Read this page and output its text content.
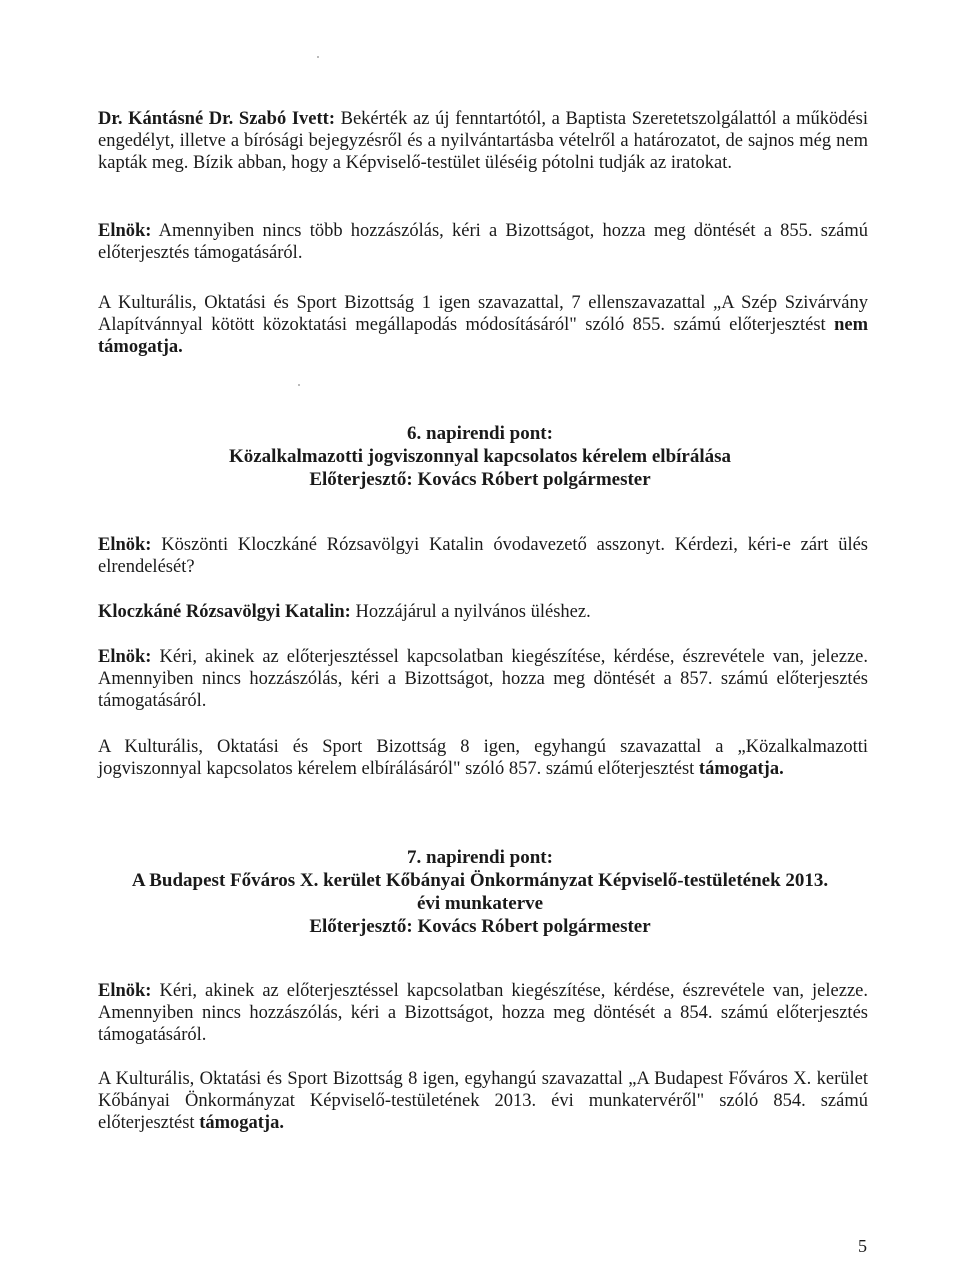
Dr. Kántásné Dr. Szabó Ivett: Bekérték az új fenntartótól, a Baptista Szeretetszolgálattól a működési engedélyt, illetve a bírósági bejegyzésről és a nyilvántartásba vételről a határozatot, de sajnos még nem kapták meg. Bízik abban, hogy a Képviselő-testület üléséig pótolni tudják az iratokat.

Elnök: Amennyiben nincs több hozzászólás, kéri a Bizottságot, hozza meg döntését a 855. számú előterjesztés támogatásáról.

A Kulturális, Oktatási és Sport Bizottság 1 igen szavazattal, 7 ellenszavazattal „A Szép Szivárvány Alapítvánnyal kötött közoktatási megállapodás módosításáról" szóló 855. számú előterjesztést nem támogatja.

6. napirendi pont:
Közalkalmazotti jogviszonnyal kapcsolatos kérelem elbírálása
Előterjesztő: Kovács Róbert polgármester

Elnök: Köszönti Kloczkáné Rózsavölgyi Katalin óvodavezető asszonyt. Kérdezi, kéri-e zárt ülés elrendelését?

Kloczkáné Rózsavölgyi Katalin: Hozzájárul a nyilvános üléshez.

Elnök: Kéri, akinek az előterjesztéssel kapcsolatban kiegészítése, kérdése, észrevétele van, jelezze. Amennyiben nincs hozzászólás, kéri a Bizottságot, hozza meg döntését a 857. számú előterjesztés támogatásáról.

A Kulturális, Oktatási és Sport Bizottság 8 igen, egyhangú szavazattal a „Közalkalmazotti jogviszonnyal kapcsolatos kérelem elbírálásáról" szóló 857. számú előterjesztést támogatja.

7. napirendi pont:
A Budapest Főváros X. kerület Kőbányai Önkormányzat Képviselő-testületének 2013. évi munkaterve
Előterjesztő: Kovács Róbert polgármester

Elnök: Kéri, akinek az előterjesztéssel kapcsolatban kiegészítése, kérdése, észrevétele van, jelezze. Amennyiben nincs hozzászólás, kéri a Bizottságot, hozza meg döntését a 854. számú előterjesztés támogatásáról.

A Kulturális, Oktatási és Sport Bizottság 8 igen, egyhangú szavazattal „A Budapest Főváros X. kerület Kőbányai Önkormányzat Képviselő-testületének 2013. évi munkatervéről" szóló 854. számú előterjesztést támogatja.

5
